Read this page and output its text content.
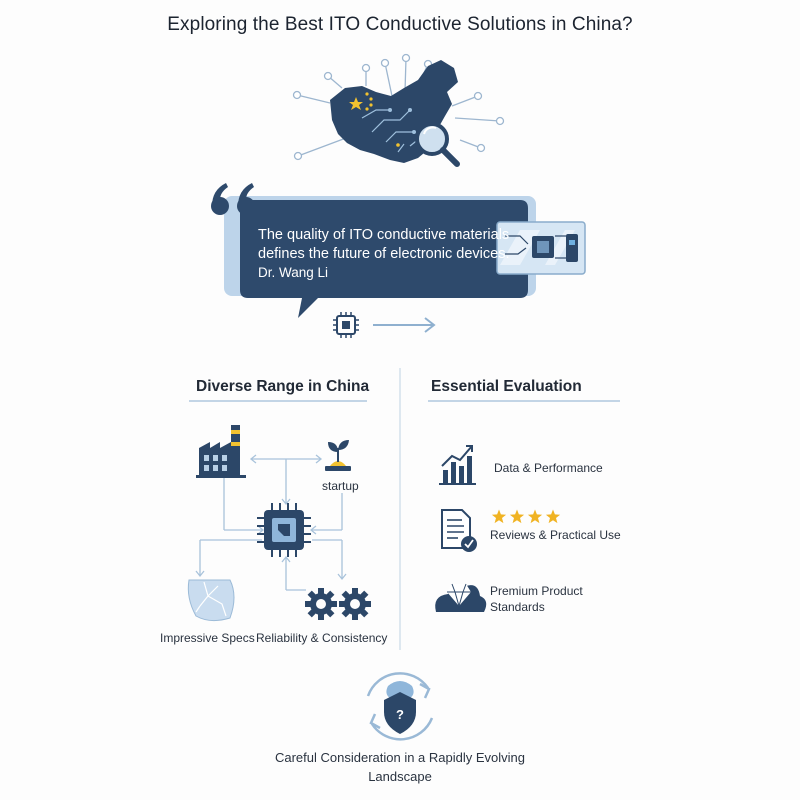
Exploring the Best ITO Conductive Solutions in China?
?
The quality of ITO conductive materials defines the future of electronic devices.
Dr. Wang Li
Diverse Range in China	Essential Evaluation
startup
Impressive Specs Reliability & Consistency
Data & Performance
Reviews & Practical Use
Premium Product Standards
Careful Consideration in a Rapidly Evolving Landscape
